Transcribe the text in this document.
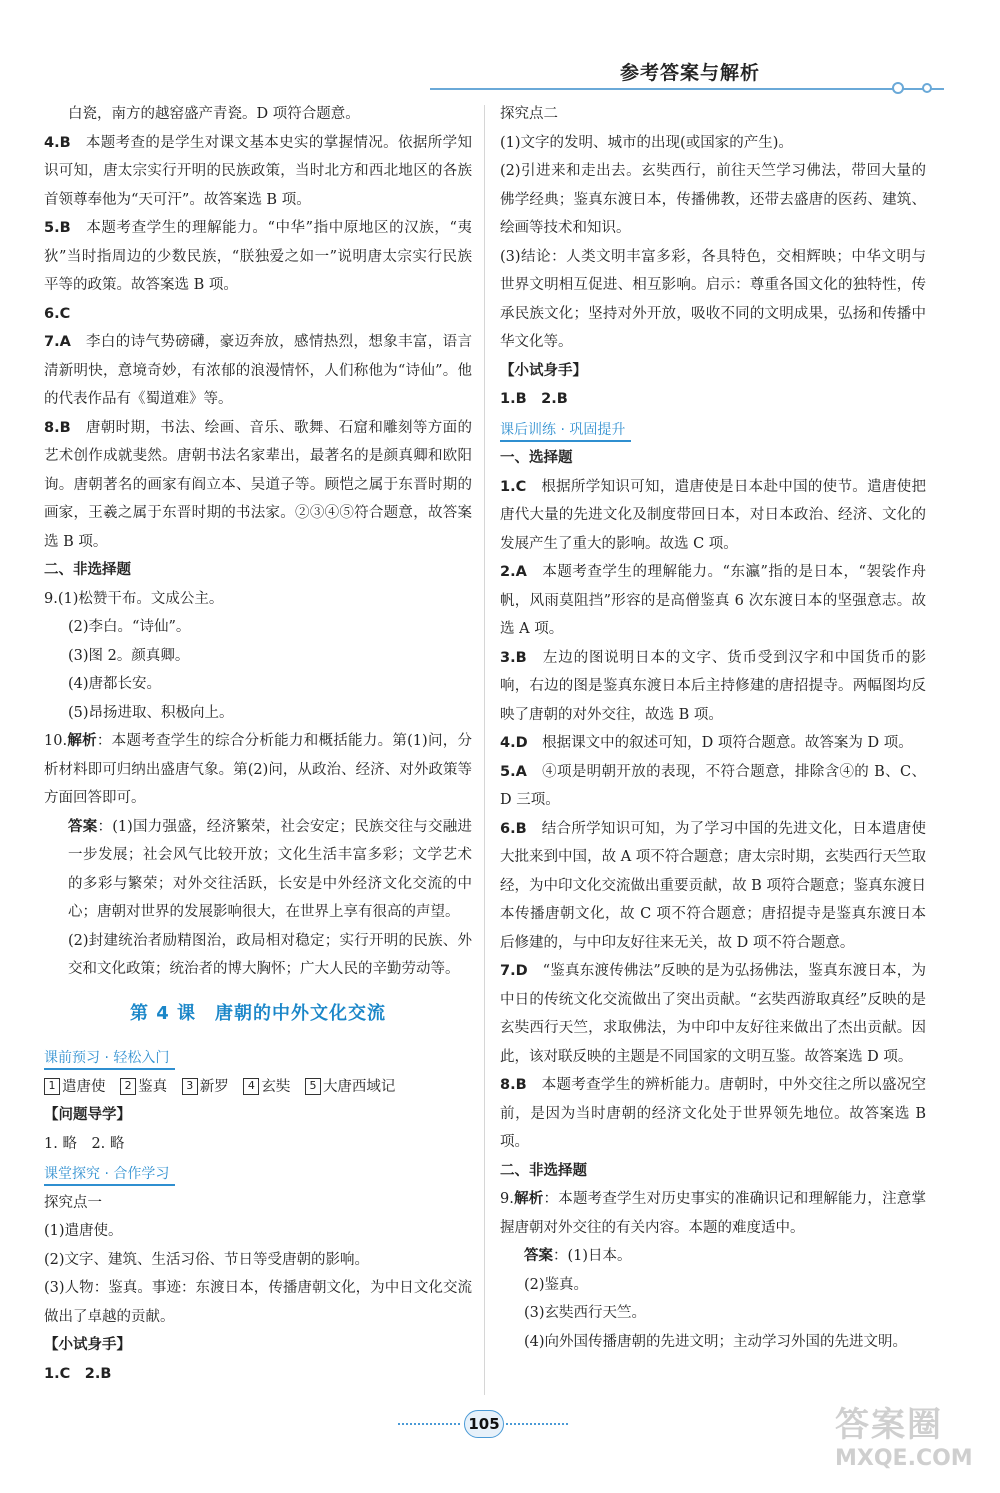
参考答案与解析

白瓷，南方的越窑盛产青瓷。D 项符合题意。

4.B　 本题考查的是学生对课文基本史实的掌握情况。依据所学知识可知，唐太宗实行开明的民族政策，当时北方和西北地区的各族首领尊奉他为“天可汗”。故答案选 B 项。

5.B　 本题考查学生的理解能力。“中华”指中原地区的汉族，“夷狄”当时指周边的少数民族，“朕独爱之如一”说明唐太宗实行民族平等的政策。故答案选 B 项。

6.C

7.A　 李白的诗气势磅礴，豪迈奔放，感情热烈，想象丰富，语言清新明快，意境奇妙，有浓郁的浪漫情怀，人们称他为“诗仙”。他的代表作品有《蜀道难》等。

8.B　 唐朝时期，书法、绘画、音乐、歌舞、石窟和雕刻等方面的艺术创作成就斐然。唐朝书法名家辈出，最著名的是颜真卿和欧阳询。唐朝著名的画家有阎立本、吴道子等。顾恺之属于东晋时期的画家，王羲之属于东晋时期的书法家。②③④⑤符合题意，故答案选 B 项。

二、非选择题

9.(1)松赞干布。文成公主。

(2)李白。“诗仙”。

(3)图 2。颜真卿。

(4)唐都长安。

(5)昂扬进取、积极向上。

10.解析：本题考查学生的综合分析能力和概括能力。第(1)问，分析材料即可归纳出盛唐气象。第(2)问，从政治、经济、对外政策等方面回答即可。

答案：(1)国力强盛，经济繁荣，社会安定；民族交往与交融进一步发展；社会风气比较开放；文化生活丰富多彩；文学艺术的多彩与繁荣；对外交往活跃，长安是中外经济文化交流的中心；唐朝对世界的发展影响很大，在世界上享有很高的声望。

(2)封建统治者励精图治，政局相对稳定；实行开明的民族、外交和文化政策；统治者的博大胸怀；广大人民的辛勤劳动等。

第 4 课　唐朝的中外文化交流
课前预习 · 轻松入门

1 遣唐使 2 鉴真 3 新罗 4 玄奘 5 大唐西域记

【问题导学】

1. 略　2. 略

课堂探究 · 合作学习

探究点一

(1)遣唐使。

(2)文字、建筑、生活习俗、节日等受唐朝的影响。

(3)人物：鉴真。事迹：东渡日本，传播唐朝文化，为中日文化交流做出了卓越的贡献。

【小试身手】

1.C　2.B

探究点二

(1)文字的发明、城市的出现(或国家的产生)。

(2)引进来和走出去。玄奘西行，前往天竺学习佛法，带回大量的佛学经典；鉴真东渡日本，传播佛教，还带去盛唐的医药、建筑、绘画等技术和知识。

(3)结论：人类文明丰富多彩，各具特色，交相辉映；中华文明与世界文明相互促进、相互影响。启示：尊重各国文化的独特性，传承民族文化；坚持对外开放，吸收不同的文明成果，弘扬和传播中华文化等。

【小试身手】

1.B　2.B

课后训练 · 巩固提升

一、选择题

1.C　 根据所学知识可知，遣唐使是日本赴中国的使节。遣唐使把唐代大量的先进文化及制度带回日本，对日本政治、经济、文化的发展产生了重大的影响。故选 C 项。

2.A　 本题考查学生的理解能力。“东瀛”指的是日本，“袈裟作舟帆，风雨莫阻挡”形容的是高僧鉴真 6 次东渡日本的坚强意志。故选 A 项。

3.B　 左边的图说明日本的文字、货币受到汉字和中国货币的影响，右边的图是鉴真东渡日本后主持修建的唐招提寺。两幅图均反映了唐朝的对外交往，故选 B 项。

4.D　 根据课文中的叙述可知，D 项符合题意。故答案为 D 项。

5.A　 ④项是明朝开放的表现，不符合题意，排除含④的 B、C、D 三项。

6.B　 结合所学知识可知，为了学习中国的先进文化，日本遣唐使大批来到中国，故 A 项不符合题意；唐太宗时期，玄奘西行天竺取经，为中印文化交流做出重要贡献，故 B 项符合题意；鉴真东渡日本传播唐朝文化，故 C 项不符合题意；唐招提寺是鉴真东渡日本后修建的，与中印友好往来无关，故 D 项不符合题意。

7.D　 “鉴真东渡传佛法”反映的是为弘扬佛法，鉴真东渡日本，为中日的传统文化交流做出了突出贡献。“玄奘西游取真经”反映的是玄奘西行天竺，求取佛法，为中印中友好往来做出了杰出贡献。因此，该对联反映的主题是不同国家的文明互鉴。故答案选 D 项。

8.B　 本题考查学生的辨析能力。唐朝时，中外交往之所以盛况空前，是因为当时唐朝的经济文化处于世界领先地位。故答案选 B 项。

二、非选择题

9.解析：本题考查学生对历史事实的准确识记和理解能力，注意掌握唐朝对外交往的有关内容。本题的难度适中。

答案：(1)日本。

(2)鉴真。

(3)玄奘西行天竺。

(4)向外国传播唐朝的先进文明；主动学习外国的先进文明。

105	答案圈
MXQE.COM
